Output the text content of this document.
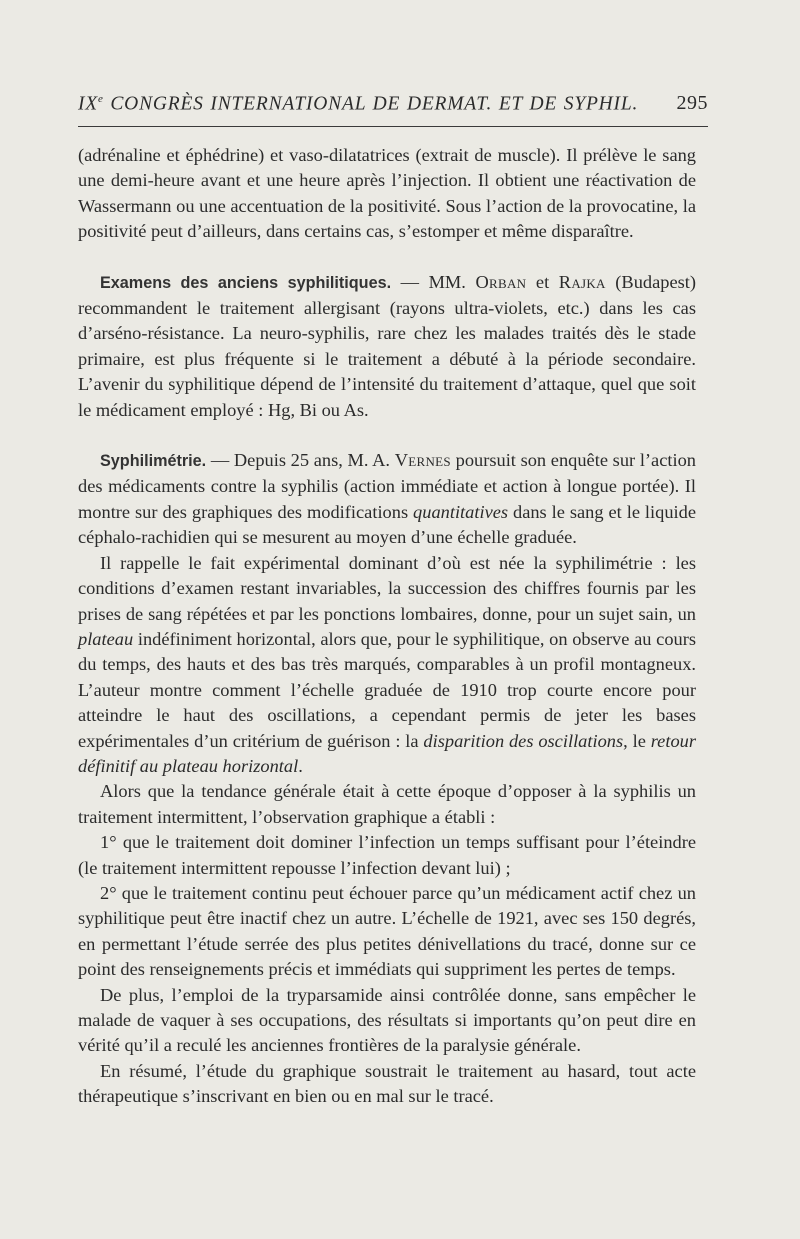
IXe CONGRÈS INTERNATIONAL DE DERMAT. ET DE SYPHIL. 295

(adrénaline et éphédrine) et vaso-dilatatrices (extrait de muscle). Il prélève le sang une demi-heure avant et une heure après l’injection. Il obtient une réactivation de Wassermann ou une accentuation de la positivité. Sous l’action de la provocatine, la positivité peut d’ailleurs, dans certains cas, s’estomper et même disparaître.

Examens des anciens syphilitiques. — MM. Orban et Rajka (Budapest) recommandent le traitement allergisant (rayons ultra-violets, etc.) dans les cas d’arséno-résistance. La neuro-syphilis, rare chez les malades traités dès le stade primaire, est plus fréquente si le traitement a débuté à la période secondaire. L’avenir du syphilitique dépend de l’intensité du traitement d’attaque, quel que soit le médicament employé : Hg, Bi ou As.

Syphilimétrie. — Depuis 25 ans, M. A. Vernes poursuit son enquête sur l’action des médicaments contre la syphilis (action immédiate et action à longue portée). Il montre sur des graphiques des modifications quantitatives dans le sang et le liquide céphalo-rachidien qui se mesurent au moyen d’une échelle graduée.

Il rappelle le fait expérimental dominant d’où est née la syphilimétrie : les conditions d’examen restant invariables, la succession des chiffres fournis par les prises de sang répétées et par les ponctions lombaires, donne, pour un sujet sain, un plateau indéfiniment horizontal, alors que, pour le syphilitique, on observe au cours du temps, des hauts et des bas très marqués, comparables à un profil montagneux. L’auteur montre comment l’échelle graduée de 1910 trop courte encore pour atteindre le haut des oscillations, a cependant permis de jeter les bases expérimentales d’un critérium de guérison : la disparition des oscillations, le retour définitif au plateau horizontal.

Alors que la tendance générale était à cette époque d’opposer à la syphilis un traitement intermittent, l’observation graphique a établi :

1° que le traitement doit dominer l’infection un temps suffisant pour l’éteindre (le traitement intermittent repousse l’infection devant lui) ;

2° que le traitement continu peut échouer parce qu’un médicament actif chez un syphilitique peut être inactif chez un autre. L’échelle de 1921, avec ses 150 degrés, en permettant l’étude serrée des plus petites dénivellations du tracé, donne sur ce point des renseignements précis et immédiats qui suppriment les pertes de temps.

De plus, l’emploi de la tryparsamide ainsi contrôlée donne, sans empêcher le malade de vaquer à ses occupations, des résultats si importants qu’on peut dire en vérité qu’il a reculé les anciennes frontières de la paralysie générale.

En résumé, l’étude du graphique soustrait le traitement au hasard, tout acte thérapeutique s’inscrivant en bien ou en mal sur le tracé.
